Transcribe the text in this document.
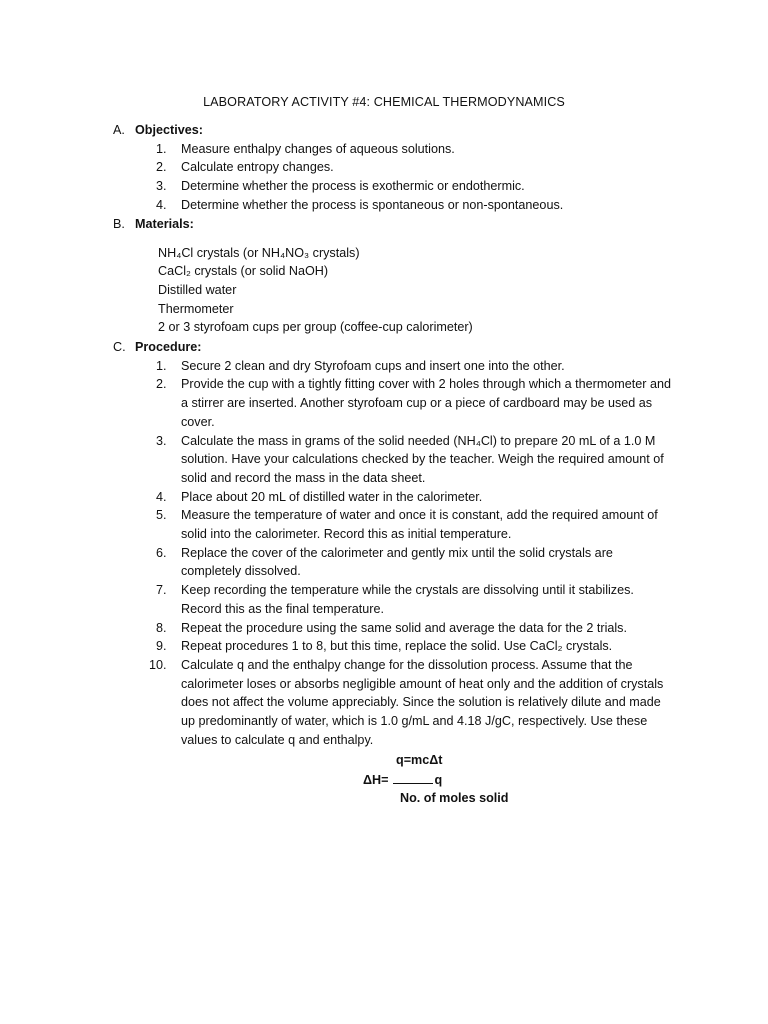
LABORATORY ACTIVITY #4: CHEMICAL THERMODYNAMICS
A. Objectives:
1. Measure enthalpy changes of aqueous solutions.
2. Calculate entropy changes.
3. Determine whether the process is exothermic or endothermic.
4. Determine whether the process is spontaneous or non-spontaneous.
B. Materials:
NH₄Cl crystals (or NH₄NO₃ crystals)
CaCl₂ crystals (or solid NaOH)
Distilled water
Thermometer
2 or 3 styrofoam cups per group (coffee-cup calorimeter)
C. Procedure:
1. Secure 2 clean and dry Styrofoam cups and insert one into the other.
2. Provide the cup with a tightly fitting cover with 2 holes through which a thermometer and a stirrer are inserted. Another styrofoam cup or a piece of cardboard may be used as cover.
3. Calculate the mass in grams of the solid needed (NH₄Cl) to prepare 20 mL of a 1.0 M solution. Have your calculations checked by the teacher. Weigh the required amount of solid and record the mass in the data sheet.
4. Place about 20 mL of distilled water in the calorimeter.
5. Measure the temperature of water and once it is constant, add the required amount of solid into the calorimeter. Record this as initial temperature.
6. Replace the cover of the calorimeter and gently mix until the solid crystals are completely dissolved.
7. Keep recording the temperature while the crystals are dissolving until it stabilizes. Record this as the final temperature.
8. Repeat the procedure using the same solid and average the data for the 2 trials.
9. Repeat procedures 1 to 8, but this time, replace the solid. Use CaCl₂ crystals.
10. Calculate q and the enthalpy change for the dissolution process. Assume that the calorimeter loses or absorbs negligible amount of heat only and the addition of crystals does not affect the volume appreciably. Since the solution is relatively dilute and made up predominantly of water, which is 1.0 g/mL and 4.18 J/gC, respectively. Use these values to calculate q and enthalpy.
q=mcΔt
ΔH=	q
No. of moles solid
